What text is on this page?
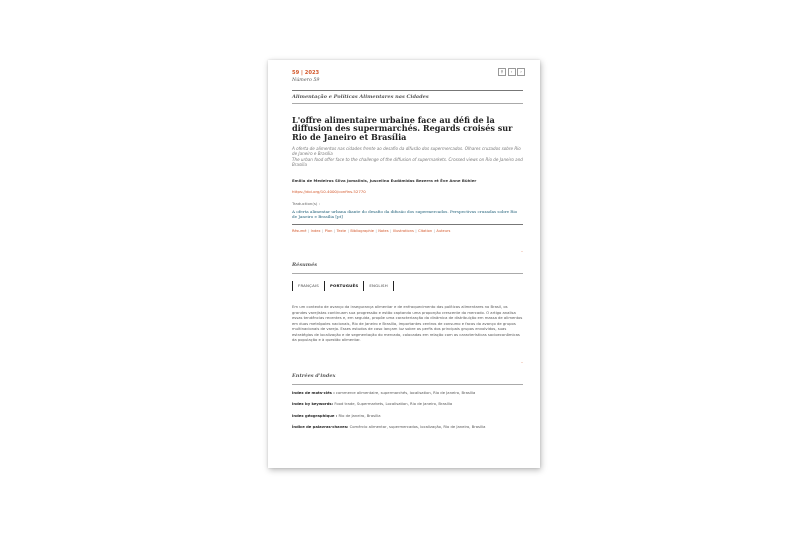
59 | 2023
Número 59
⚲	‹	›
Alimentação e Políticas Alimentares nas Cidades
L'offre alimentaire urbaine face au défi de la diffusion des supermarchés. Regards croisés sur Rio de Janeiro et Brasília
A oferta de alimentos nas cidades frente ao desafio da difusão dos supermercados. Olhares cruzados sobre Rio de Janeiro e Brasília
The urban food offer face to the challenge of the diffusion of supermarkets. Crossed views on Rio de Janeiro and Brasília
Emilia de Medeiros Silva Jomalinis, Juscelino Eudâmidas Bezerra et Ève Anne Bühler
https://doi.org/10.4000/confins.52770
Traduction(s) :
A oferta alimentar urbana diante do desafio da difusão dos supermercados. Perspectivas cruzadas sobre Rio de Janeiro e Brasília [pt]
Résumé | Index | Plan | Texte | Bibliographie | Notes | Illustrations | Citation | Auteurs
Résumés
ˆ
FRANÇAIS	PORTUGUÊS	ENGLISH
Em um contexto de avanço da insegurança alimentar e de enfraquecimento das políticas alimentares no Brasil, os grandes varejistas continuam sua progressão e estão captando uma proporção crescente do mercado. O artigo analisa essas tendências recentes e, em seguida, propõe uma caracterização da dinâmica de distribuição em massa de alimentos em duas metrópoles nacionais, Rio de Janeiro e Brasília, importantes centros de consumo e facos do avanço de grupos multinacionais de varejo. Esses estudos de caso lançam luz sobre os perfis dos principais grupos envolvidos, suas estratégias de localização e de segmentação do mercado, colocadas em relação com as características socioeconômicas da população e à questão alimentar.
Entrées d'index
ˆ
Index de mots-clés : commerce alimentaire, supermarchés, localisation, Rio de Janeiro, Brasília
Index by keywords: Food trade, Supermarkets, Localisation, Rio de Janeiro, Brasília
Index géographique : Rio de Janeiro, Brasília
Índice de palavras-chaves: Comércio alimentar, supermercados, localização, Rio de Janeiro, Brasília
